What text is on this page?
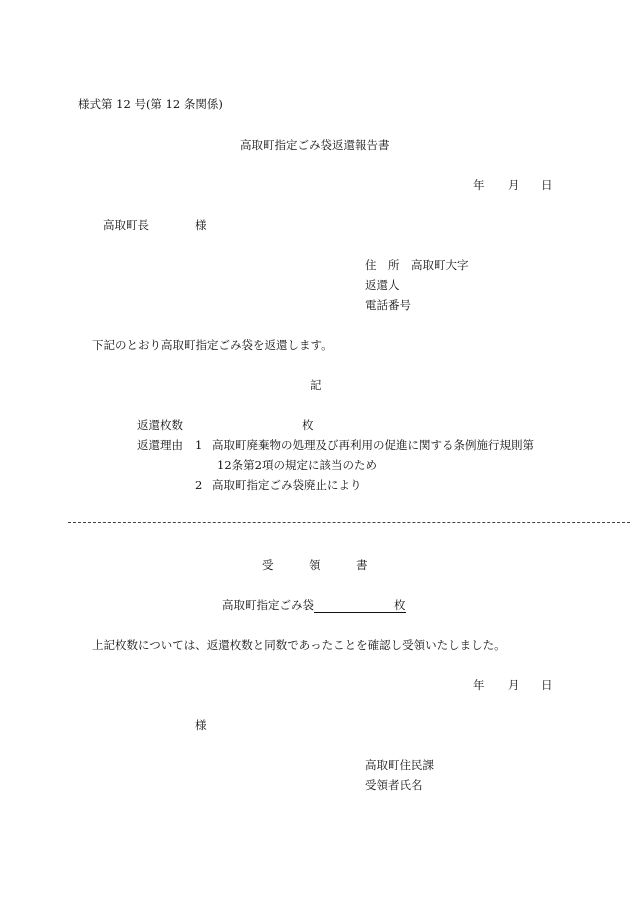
様式第 12 号(第 12 条関係)
高取町指定ごみ袋返還報告書
年 月 日
高取町長	様
住　所 高取町大字
返還人
電話番号
下記のとおり高取町指定ごみ袋を返還します。
記
返還枚数	枚
返還理由 1 高取町廃棄物の処理及び再利用の促進に関する条例施行規則第
12条第2項の規定に該当のため
2 高取町指定ごみ袋廃止により
受	領	書
高取町指定ごみ袋	枚
上記枚数については、返還枚数と同数であったことを確認し受領いたしました。
年 月 日
様
高取町住民課
受領者氏名
